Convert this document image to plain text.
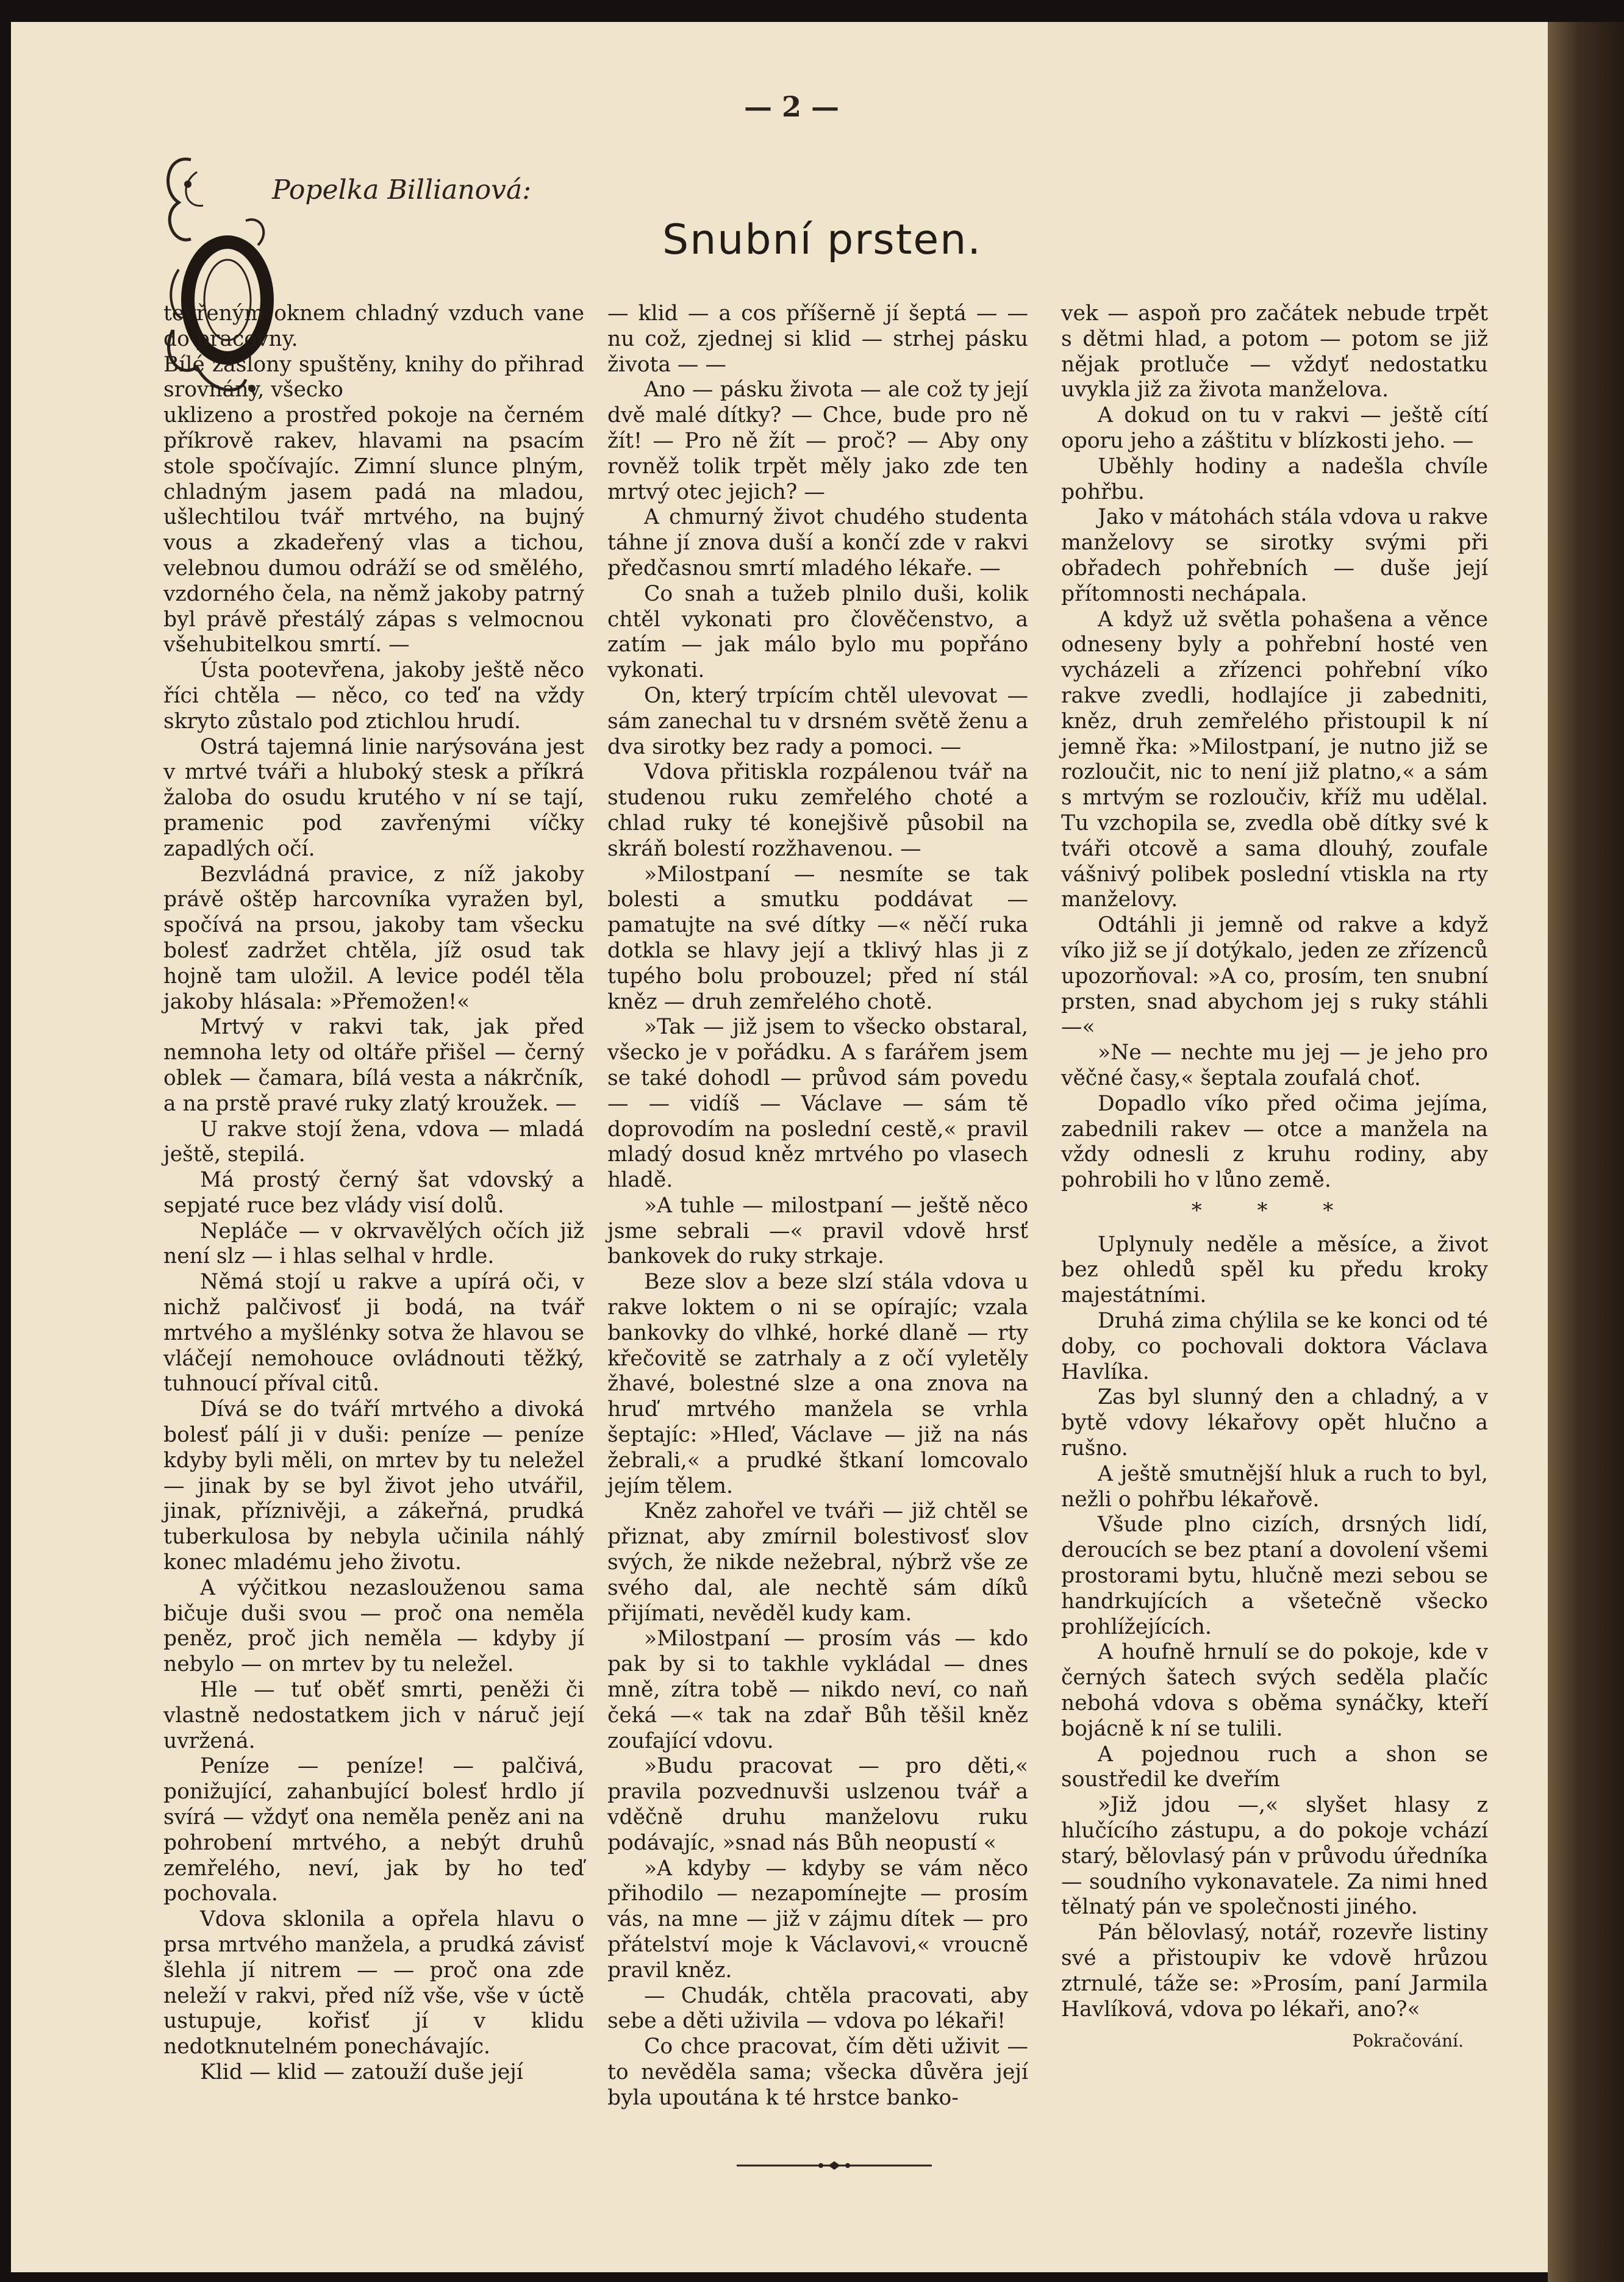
— 2 —
Popelka Billianová:
Snubní prsten.

tevřeným oknem chladný vzduch vane do pracovny.

Bílé záslony spuštěny, knihy do přihrad srovnány, všecko

uklizeno a prostřed pokoje na černém příkrově rakev, hlavami na psacím stole spočívajíc. Zimní slunce plným, chladným jasem padá na mladou, ušlechtilou tvář mrtvého, na bujný vous a zkadeřený vlas a tichou, velebnou dumou odráží se od smělého, vzdorného čela, na němž jakoby patrný byl právě přestálý zápas s velmocnou všehubitelkou smrtí. —

Ústa pootevřena, jakoby ještě něco říci chtěla — něco, co teď na vždy skryto zůstalo pod ztichlou hrudí.

Ostrá tajemná linie narýsována jest v mrtvé tváři a hluboký stesk a příkrá žaloba do osudu krutého v ní se tají, pramenic pod zavřenými víčky zapadlých očí.

Bezvládná pravice, z níž jakoby právě oštěp harcovníka vyražen byl, spočívá na prsou, jakoby tam všecku bolesť zadržet chtěla, jíž osud tak hojně tam uložil. A levice podél těla jakoby hlásala: »Přemožen!«

Mrtvý v rakvi tak, jak před nemnoha lety od oltáře přišel — černý oblek — čamara, bílá vesta a nákrčník, a na prstě pravé ruky zlatý kroužek. —

U rakve stojí žena, vdova — mladá ještě, stepilá.

Má prostý černý šat vdovský a sepjaté ruce bez vlády visí dolů.

Nepláče — v okrvavělých očích již není slz — i hlas selhal v hrdle.

Němá stojí u rakve a upírá oči, v nichž palčivosť ji bodá, na tvář mrtvého a myšlénky sotva že hlavou se vláčejí nemohouce ovládnouti těžký, tuhnoucí příval citů.

Dívá se do tváří mrtvého a divoká bolesť pálí ji v duši: peníze — peníze kdyby byli měli, on mrtev by tu neležel — jinak by se byl život jeho utvářil, jinak, příznivěji, a zákeřná, prudká tuberkulosa by nebyla učinila náhlý konec mladému jeho životu.

A výčitkou nezaslouženou sama bičuje duši svou — proč ona neměla peněz, proč jich neměla — kdyby jí nebylo — on mrtev by tu neležel.

Hle — tuť oběť smrti, peněži či vlastně nedostatkem jich v náruč její uvržená.

Peníze — peníze! — palčivá, ponižující, zahanbující bolesť hrdlo jí svírá — vždyť ona neměla peněz ani na pohrobení mrtvého, a nebýt druhů zemřelého, neví, jak by ho teď pochovala.

Vdova sklonila a opřela hlavu o prsa mrtvého manžela, a prudká závisť šlehla jí nitrem — — proč ona zde neleží v rakvi, před níž vše, vše v úctě ustupuje, kořisť jí v klidu nedotknutelném ponechávajíc.

Klid — klid — zatouží duše její

— klid — a cos příšerně jí šeptá — — nu což, zjednej si klid — strhej pásku života — —

Ano — pásku života — ale což ty její dvě malé dítky? — Chce, bude pro ně žít! — Pro ně žít — proč? — Aby ony rovněž tolik trpět měly jako zde ten mrtvý otec jejich? —

A chmurný život chudého studenta táhne jí znova duší a končí zde v rakvi předčasnou smrtí mladého lékaře. —

Co snah a tužeb plnilo duši, kolik chtěl vykonati pro člověčenstvo, a zatím — jak málo bylo mu popřáno vykonati.

On, který trpícím chtěl ulevovat — sám zanechal tu v drsném světě ženu a dva sirotky bez rady a pomoci. —

Vdova přitiskla rozpálenou tvář na studenou ruku zemřelého choté a chlad ruky té konejšivě působil na skráň bolestí rozžhavenou. —

»Milostpaní — nesmíte se tak bolesti a smutku poddávat — pamatujte na své dítky —« něčí ruka dotkla se hlavy její a tklivý hlas ji z tupého bolu probouzel; před ní stál kněz — druh zemřelého chotě.

»Tak — již jsem to všecko obstaral, všecko je v pořádku. A s farářem jsem se také dohodl — průvod sám povedu — — vidíš — Václave — sám tě doprovodím na poslední cestě,« pravil mladý dosud kněz mrtvého po vlasech hladě.

»A tuhle — milostpaní — ještě něco jsme sebrali —« pravil vdově hrsť bankovek do ruky strkaje.

Beze slov a beze slzí stála vdova u rakve loktem o ni se opírajíc; vzala bankovky do vlhké, horké dlaně — rty křečovitě se zatrhaly a z očí vyletěly žhavé, bolestné slze a ona znova na hruď mrtvého manžela se vrhla šeptajíc: »Hleď, Václave — již na nás žebrali,« a prudké štkaní lomcovalo jejím tělem.

Kněz zahořel ve tváři — již chtěl se přiznat, aby zmírnil bolestivosť slov svých, že nikde nežebral, nýbrž vše ze svého dal, ale nechtě sám díků přijímati, nevěděl kudy kam.

»Milostpaní — prosím vás — kdo pak by si to takhle vykládal — dnes mně, zítra tobě — nikdo neví, co naň čeká —« tak na zdař Bůh těšil kněz zoufající vdovu.

»Budu pracovat — pro děti,« pravila pozvednuvši uslzenou tvář a vděčně druhu manželovu ruku podávajíc, »snad nás Bůh neopustí «

»A kdyby — kdyby se vám něco přihodilo — nezapomínejte — prosím vás, na mne — již v zájmu dítek — pro přátelství moje k Václavovi,« vroucně pravil kněz.

— Chudák, chtěla pracovati, aby sebe a děti uživila — vdova po lékaři!

Co chce pracovat, čím děti uživit — to nevěděla sama; všecka důvěra její byla upoutána k té hrstce banko-

vek — aspoň pro začátek nebude trpět s dětmi hlad, a potom — potom se již nějak protluče — vždyť nedostatku uvykla již za života manželova.

A dokud on tu v rakvi — ještě cítí oporu jeho a záštitu v blízkosti jeho. —

Uběhly hodiny a nadešla chvíle pohřbu.

Jako v mátohách stála vdova u rakve manželovy se sirotky svými při obřadech pohřebních — duše její přítomnosti nechápala.

A když už světla pohašena a věnce odneseny byly a pohřební hosté ven vycházeli a zřízenci pohřební víko rakve zvedli, hodlajíce ji zabedniti, kněz, druh zemřelého přistoupil k ní jemně řka: »Milostpaní, je nutno již se rozloučit, nic to není již platno,« a sám s mrtvým se rozloučiv, kříž mu udělal. Tu vzchopila se, zvedla obě dítky své k tváři otcově a sama dlouhý, zoufale vášnivý polibek poslední vtiskla na rty manželovy.

Odtáhli ji jemně od rakve a když víko již se jí dotýkalo, jeden ze zřízenců upozorňoval: »A co, prosím, ten snubní prsten, snad abychom jej s ruky stáhli —«

»Ne — nechte mu jej — je jeho pro věčné časy,« šeptala zoufalá choť.

Dopadlo víko před očima jejíma, zabednili rakev — otce a manžela na vždy odnesli z kruhu rodiny, aby pohrobili ho v lůno země.

* * *

Uplynuly neděle a měsíce, a život bez ohledů spěl ku předu kroky majestátními.

Druhá zima chýlila se ke konci od té doby, co pochovali doktora Václava Havlíka.

Zas byl slunný den a chladný, a v bytě vdovy lékařovy opět hlučno a rušno.

A ještě smutnější hluk a ruch to byl, nežli o pohřbu lékařově.

Všude plno cizích, drsných lidí, deroucích se bez ptaní a dovolení všemi prostorami bytu, hlučně mezi sebou se handrkujících a všetečně všecko prohlížejících.

A houfně hrnulí se do pokoje, kde v černých šatech svých seděla plačíc nebohá vdova s oběma synáčky, kteří bojácně k ní se tulili.

A pojednou ruch a shon se soustředil ke dveřím

»Již jdou —,« slyšet hlasy z hlučícího zástupu, a do pokoje vchází starý, bělovlasý pán v průvodu úředníka — soudního vykonavatele. Za nimi hned tělnatý pán ve společnosti jiného.

Pán bělovlasý, notář, rozevře listiny své a přistoupiv ke vdově hrůzou ztrnulé, táže se: »Prosím, paní Jarmila Havlíková, vdova po lékaři, ano?«

Pokračování.
